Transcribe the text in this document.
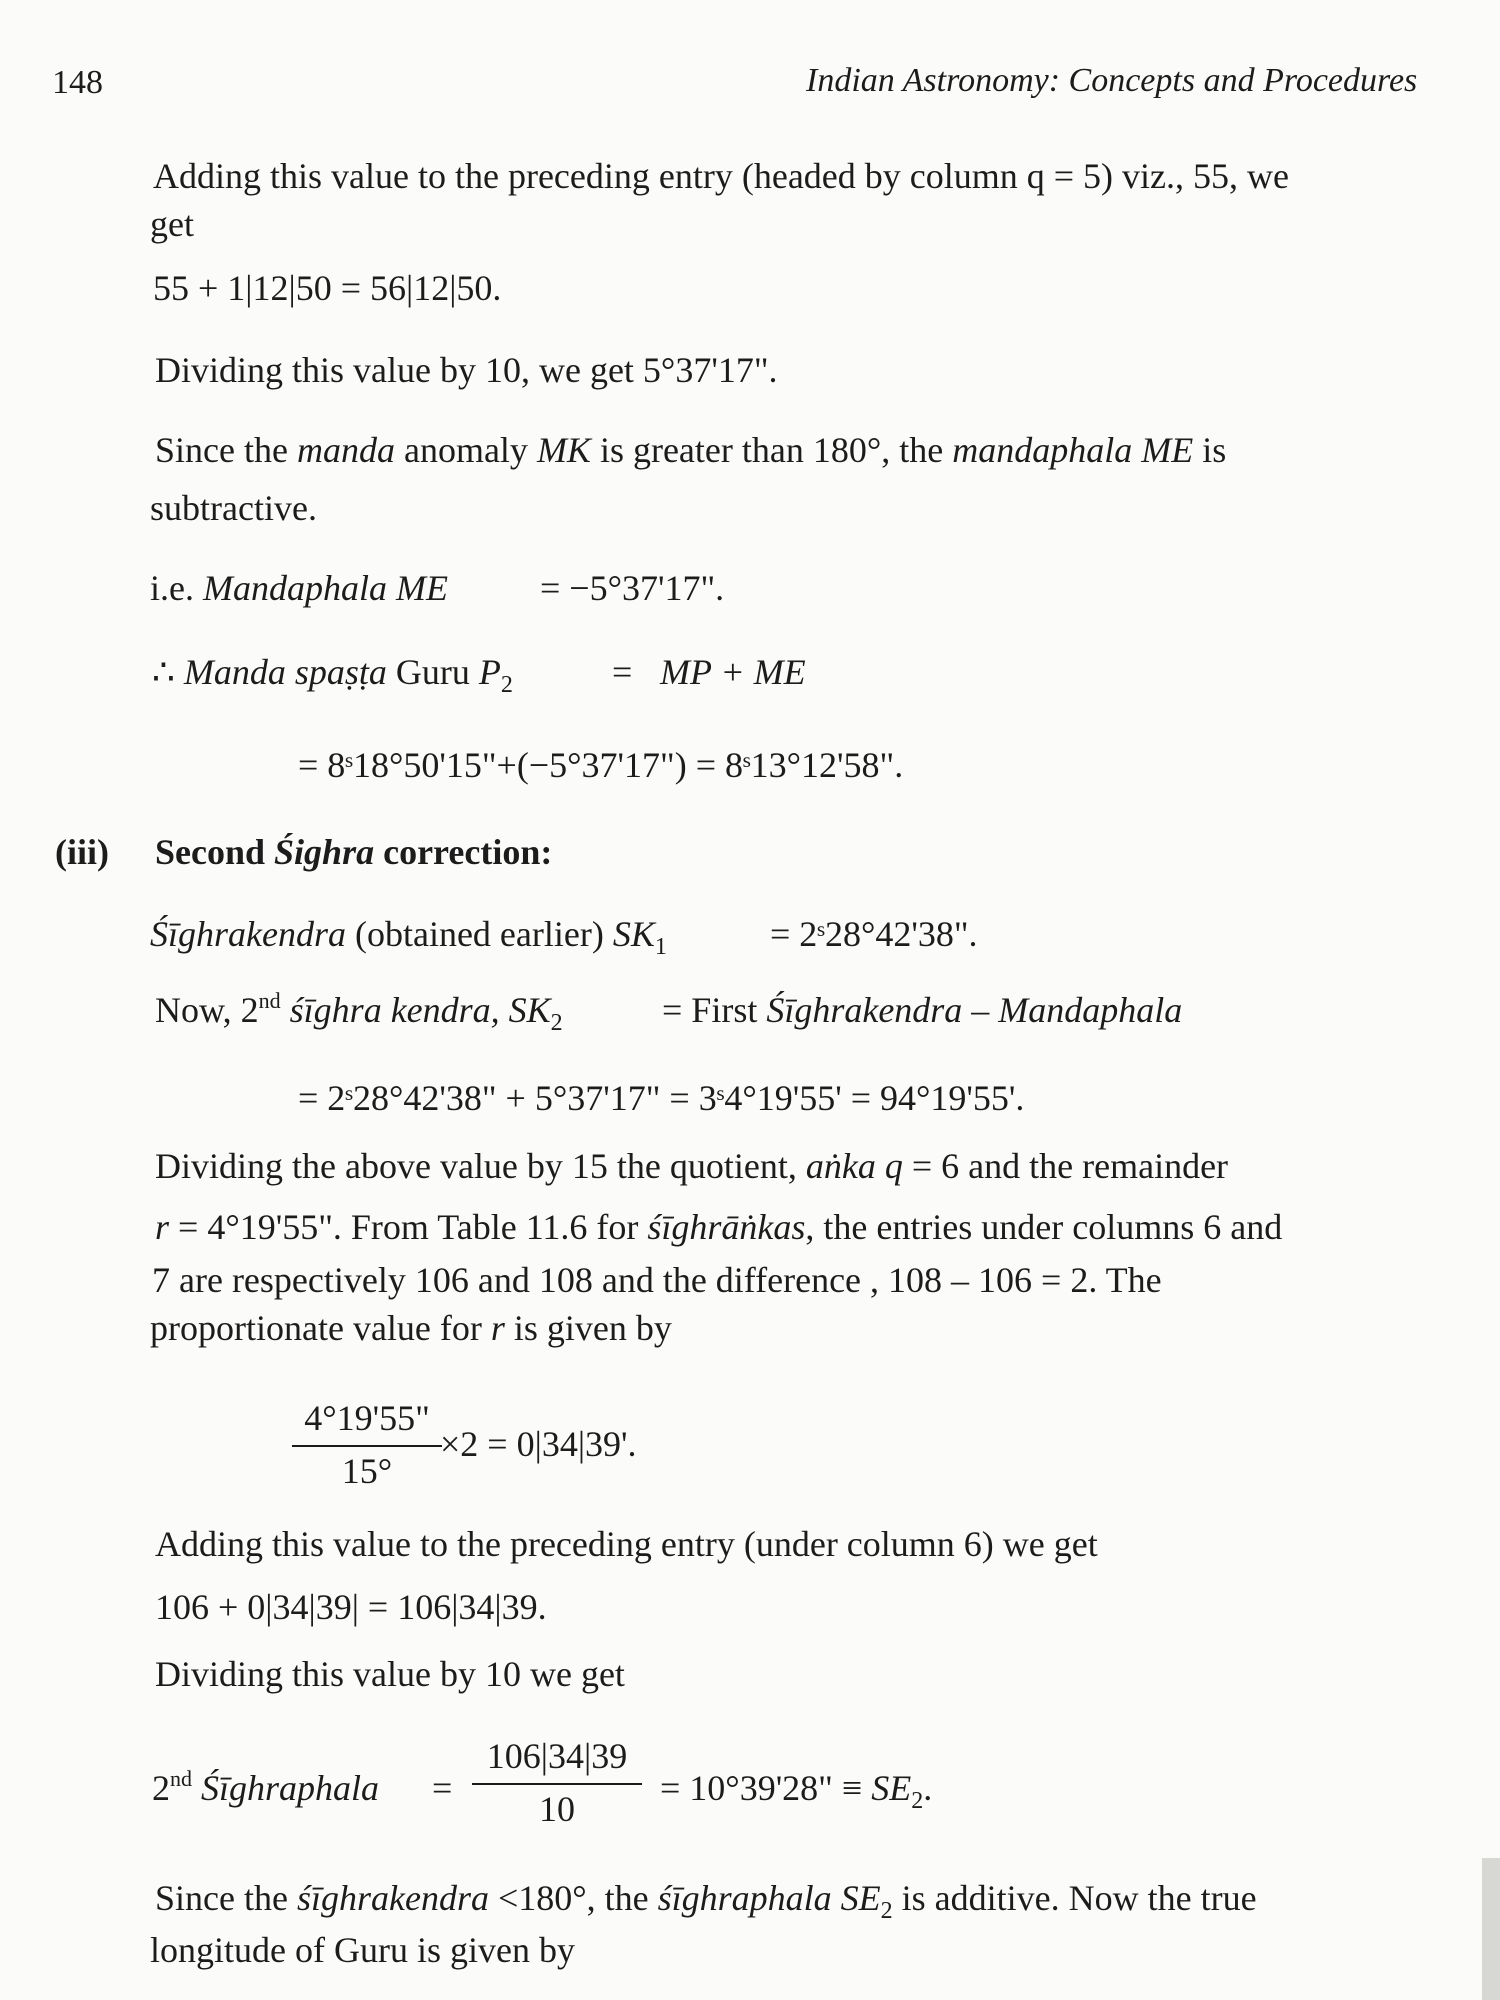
148	Indian Astronomy: Concepts and Procedures
Adding this value to the preceding entry (headed by column q = 5) viz., 55, we
get
55 + 1|12|50 = 56|12|50.
Dividing this value by 10, we get 5°37'17".
Since the manda anomaly MK is greater than 180°, the mandaphala ME is
subtractive.
i.e. Mandaphala ME	= −5°37'17".
∴ Manda spaṣṭa Guru $P_2$	= MP + ME
= 8ˢ18°50'15"+(−5°37'17") = 8ˢ13°12'58".
(iii) Second Śighra correction:
Śīghrakendra (obtained earlier) $SK_1$	= 2ˢ28°42'38".
Now, 2nd śīghra kendra, $SK_2$	= First Śīghrakendra – Mandaphala
= 2ˢ28°42'38" + 5°37'17" = 3ˢ4°19'55' = 94°19'55'.
Dividing the above value by 15 the quotient, aṅka q = 6 and the remainder
r = 4°19'55". From Table 11.6 for śīghrāṅkas, the entries under columns 6 and
7 are respectively 106 and 108 and the difference , 108 – 106 = 2. The
proportionate value for r is given by
4°19'55"
15°
×2 = 0|34|39'.
Adding this value to the preceding entry (under column 6) we get
106 + 0|34|39| = 106|34|39.
Dividing this value by 10 we get
2nd Śīghraphala =
106|34|39
10
= 10°39'28" ≡ $SE_2$.
Since the śīghrakendra <180°, the śīghraphala $SE_2$ is additive. Now the true
longitude of Guru is given by
